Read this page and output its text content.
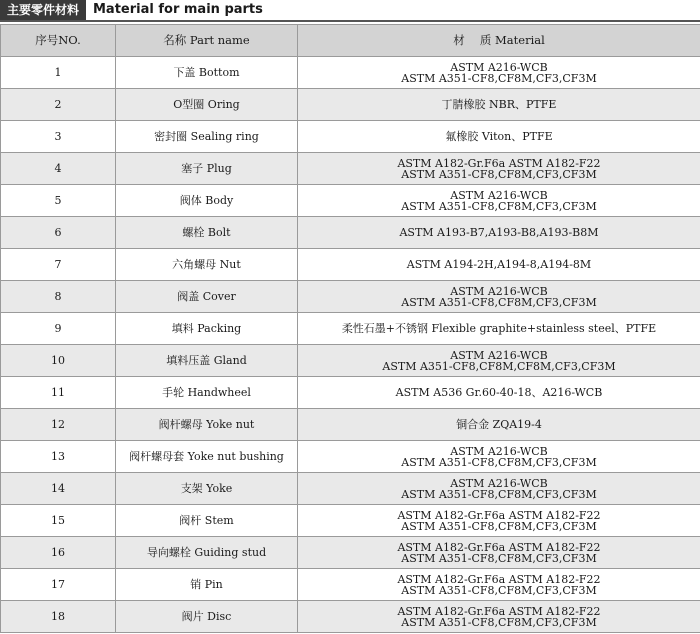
主要零件材料	Material for main parts
序号NO.	名称 Part name	材　 质 Material
1	下盖 Bottom	ASTM A216-WCB
ASTM A351-CF8,CF8M,CF3,CF3M

2	O型圈 Oring	丁腈橡胶 NBR、PTFE

3	密封圈 Sealing ring	氟橡胶 Viton、PTFE

4	塞子 Plug	ASTM A182-Gr.F6a ASTM A182-F22
ASTM A351-CF8,CF8M,CF3,CF3M

5	阀体 Body	ASTM A216-WCB
ASTM A351-CF8,CF8M,CF3,CF3M

6	螺栓 Bolt	ASTM A193-B7,A193-B8,A193-B8M

7	六角螺母 Nut	ASTM A194-2H,A194-8,A194-8M

8	阀盖 Cover	ASTM A216-WCB
ASTM A351-CF8,CF8M,CF3,CF3M

9	填料 Packing	柔性石墨+不锈钢 Flexible graphite+stainless steel、PTFE

10	填料压盖 Gland	ASTM A216-WCB
ASTM A351-CF8,CF8M,CF8M,CF3,CF3M

11	手轮 Handwheel	ASTM A536 Gr.60-40-18、A216-WCB

12	阀杆螺母 Yoke nut	铜合金 ZQA19-4

13	阀杆螺母套 Yoke nut bushing	ASTM A216-WCB
ASTM A351-CF8,CF8M,CF3,CF3M

14	支架 Yoke	ASTM A216-WCB
ASTM A351-CF8,CF8M,CF3,CF3M

15	阀杆 Stem	ASTM A182-Gr.F6a ASTM A182-F22
ASTM A351-CF8,CF8M,CF3,CF3M

16	导向螺栓 Guiding stud	ASTM A182-Gr.F6a ASTM A182-F22
ASTM A351-CF8,CF8M,CF3,CF3M

17	销 Pin	ASTM A182-Gr.F6a ASTM A182-F22
ASTM A351-CF8,CF8M,CF3,CF3M

18	阀片 Disc	ASTM A182-Gr.F6a ASTM A182-F22
ASTM A351-CF8,CF8M,CF3,CF3M
